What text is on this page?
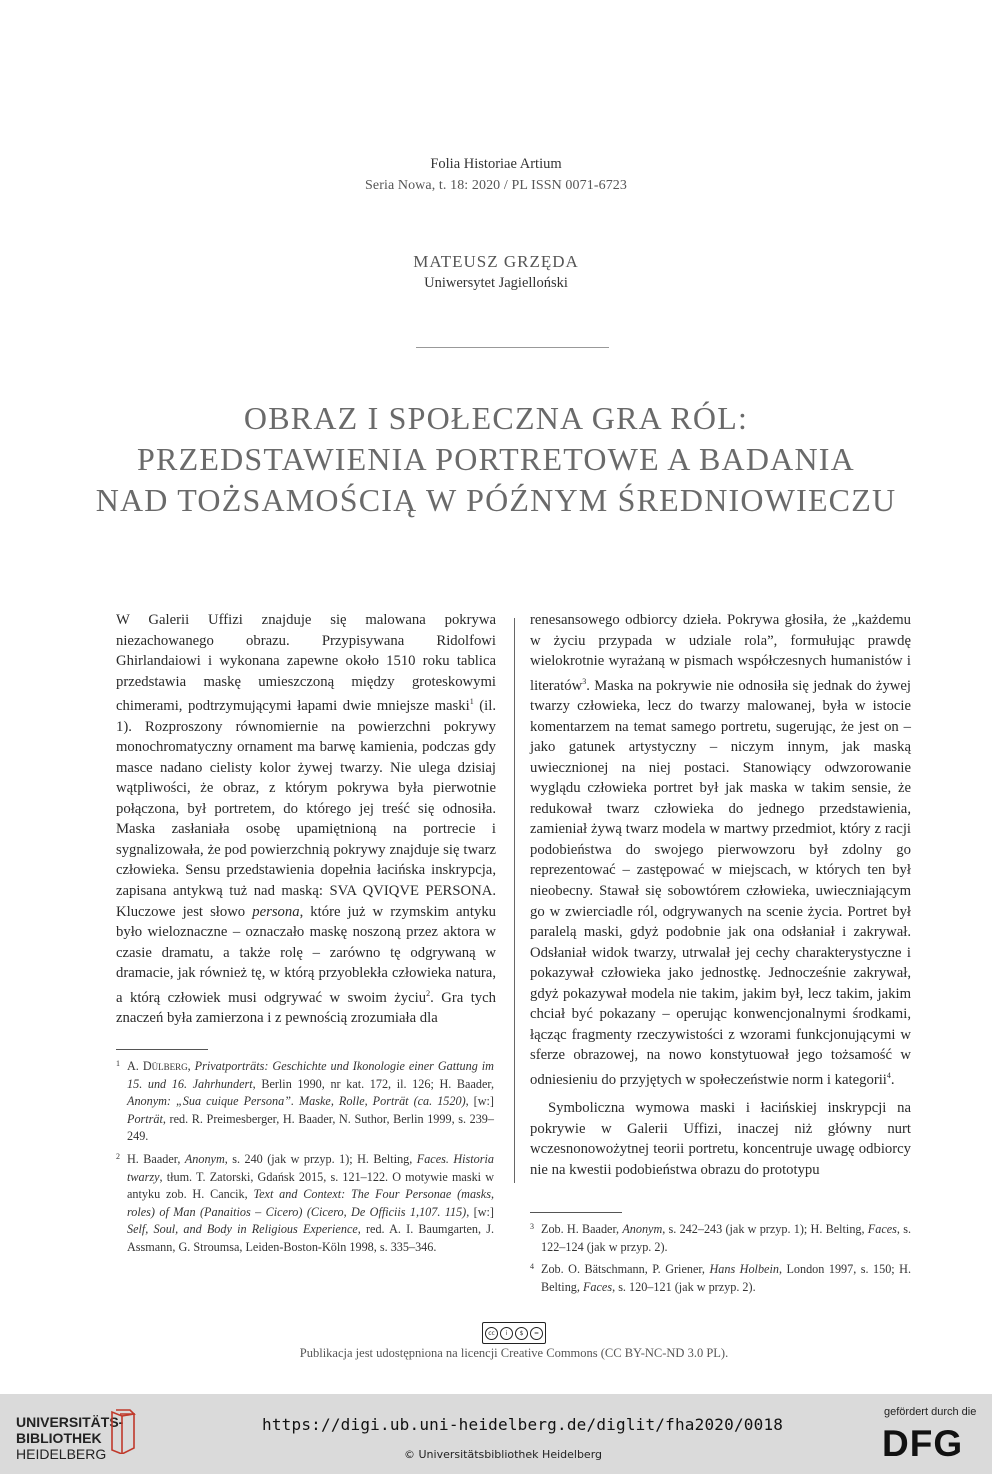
Folia Historiae Artium
Seria Nowa, t. 18: 2020 / PL ISSN 0071-6723
MATEUSZ GRZĘDA
Uniwersytet Jagielloński
OBRAZ I SPOŁECZNA GRA RÓL:
PRZEDSTAWIENIA PORTRETOWE A BADANIA
NAD TOŻSAMOŚCIĄ W PÓŹNYM ŚREDNIOWIECZU

W Galerii Uffizi znajduje się malowana pokrywa niezachowanego obrazu. Przypisywana Ridolfowi Ghirlandaiowi i wykonana zapewne około 1510 roku tablica przedstawia maskę umieszczoną między groteskowymi chimerami, podtrzymującymi łapami dwie mniejsze maski$^1$ (il. 1). Rozproszony równomiernie na powierzchni pokrywy monochromatyczny ornament ma barwę kamienia, podczas gdy masce nadano cielisty kolor żywej twarzy. Nie ulega dzisiaj wątpliwości, że obraz, z którym pokrywa była pierwotnie połączona, był portretem, do którego jej treść się odnosiła. Maska zasłaniała osobę upamiętnioną na portrecie i sygnalizowała, że pod powierzchnią pokrywy znajduje się twarz człowieka. Sensu przedstawienia dopełnia łacińska inskrypcja, zapisana antykwą tuż nad maską: SVA QVIQVE PERSONA. Kluczowe jest słowo persona, które już w rzymskim antyku było wieloznaczne – oznaczało maskę noszoną przez aktora w czasie dramatu, a także rolę – zarówno tę odgrywaną w dramacie, jak również tę, w którą przyoblekła człowieka natura, a którą człowiek musi odgrywać w swoim życiu$^2$. Gra tych znaczeń była zamierzona i z pewnością zrozumiała dla

renesansowego odbiorcy dzieła. Pokrywa głosiła, że „każdemu w życiu przypada w udziale rola”, formułując prawdę wielokrotnie wyrażaną w pismach współczesnych humanistów i literatów$^3$. Maska na pokrywie nie odnosiła się jednak do żywej twarzy człowieka, lecz do twarzy malowanej, była w istocie komentarzem na temat samego portretu, sugerując, że jest on – jako gatunek artystyczny – niczym innym, jak maską uwiecznionej na niej postaci. Stanowiący odwzorowanie wyglądu człowieka portret był jak maska w takim sensie, że redukował twarz człowieka do jednego przedstawienia, zamieniał żywą twarz modela w martwy przedmiot, który z racji podobieństwa do swojego pierwowzoru był zdolny go reprezentować – zastępować w miejscach, w których ten był nieobecny. Stawał się sobowtórem człowieka, uwieczniającym go w zwierciadle ról, odgrywanych na scenie życia. Portret był paralelą maski, gdyż podobnie jak ona odsłaniał i zakrywał. Odsłaniał widok twarzy, utrwalał jej cechy charakterystyczne i pokazywał człowieka jako jednostkę. Jednocześnie zakrywał, gdyż pokazywał modela nie takim, jakim był, lecz takim, jakim chciał być pokazany – operując konwencjonalnymi środkami, łącząc fragmenty rzeczywistości z wzorami funkcjonującymi w sferze obrazowej, na nowo konstytuował jego tożsamość w odniesieniu do przyjętych w społeczeństwie norm i kategorii$^4$.

Symboliczna wymowa maski i łacińskiej inskrypcji na pokrywie w Galerii Uffizi, inaczej niż główny nurt wczesnonowożytnej teorii portretu, koncentruje uwagę odbiorcy nie na kwestii podobieństwa obrazu do prototypu

1 A. Dülberg, Privatporträts: Geschichte und Ikonologie einer Gattung im 15. und 16. Jahrhundert, Berlin 1990, nr kat. 172, il. 126; H. Baader, Anonym: „Sua cuique Persona”. Maske, Rolle, Porträt (ca. 1520), [w:] Porträt, red. R. Preimesberger, H. Baader, N. Suthor, Berlin 1999, s. 239–249.
2 H. Baader, Anonym, s. 240 (jak w przyp. 1); H. Belting, Faces. Historia twarzy, tłum. T. Zatorski, Gdańsk 2015, s. 121–122. O motywie maski w antyku zob. H. Cancik, Text and Context: The Four Personae (masks, roles) of Man (Panaitios – Cicero) (Cicero, De Officiis 1,107. 115), [w:] Self, Soul, and Body in Religious Experience, red. A. I. Baumgarten, J. Assmann, G. Stroumsa, Leiden-Boston-Köln 1998, s. 335–346.
3 Zob. H. Baader, Anonym, s. 242–243 (jak w przyp. 1); H. Belting, Faces, s. 122–124 (jak w przyp. 2).
4 Zob. O. Bätschmann, P. Griener, Hans Holbein, London 1997, s. 150; H. Belting, Faces, s. 120–121 (jak w przyp. 2).
cc	i	$	=
Publikacja jest udostępniona na licencji Creative Commons (CC BY-NC-ND 3.0 PL).
UNIVERSITÄTS-
BIBLIOTHEK
HEIDELBERG
https://digi.ub.uni-heidelberg.de/diglit/fha2020/0018
© Universitätsbibliothek Heidelberg
gefördert durch die
DFG
